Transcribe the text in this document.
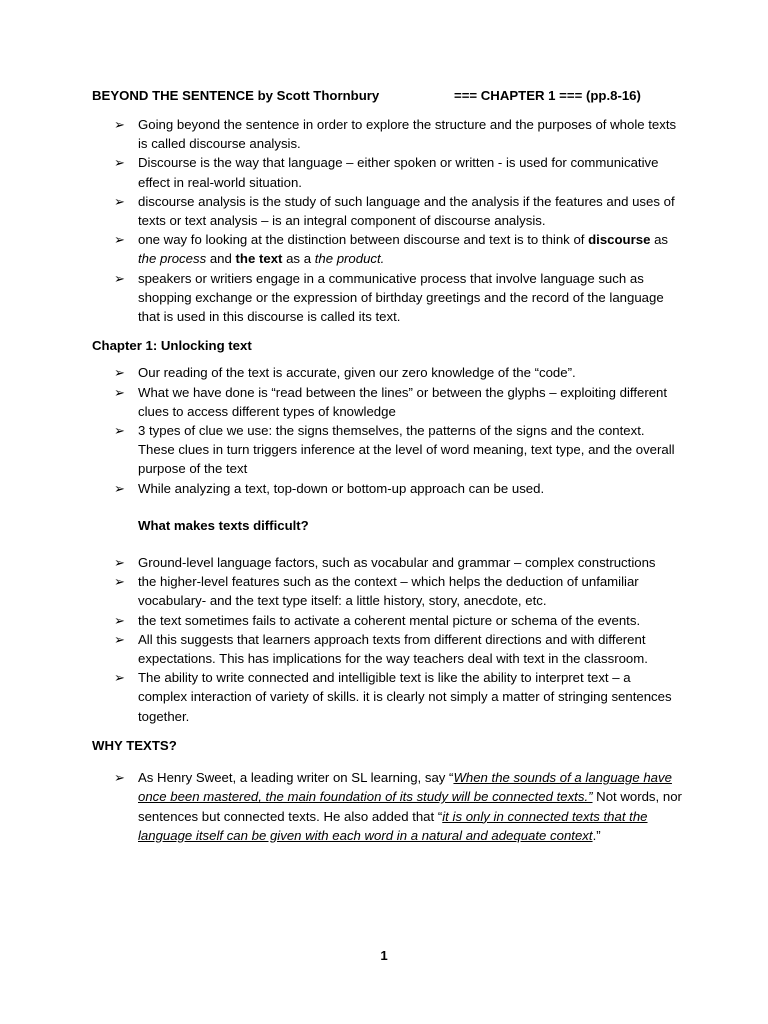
BEYOND THE SENTENCE by Scott Thornbury	=== CHAPTER 1 === (pp.8-16)
➢ Going beyond the sentence in order to explore the structure and the purposes of whole texts is called discourse analysis.
➢ Discourse is the way that language – either spoken or written - is used for communicative effect in real-world situation.
➢ discourse analysis is the study of such language and the analysis if the features and uses of texts or text analysis – is an integral component of discourse analysis.
➢ one way fo looking at the distinction between discourse and text is to think of discourse as the process and the text as a the product.
➢ speakers or writiers engage in a communicative process that involve language such as shopping exchange or the expression of birthday greetings and the record of the language that is used in this discourse is called its text.

Chapter 1: Unlocking text

➢ Our reading of the text is accurate, given our zero knowledge of the “code”.
➢ What we have done is “read between the lines” or between the glyphs – exploiting different clues to access different types of knowledge
➢ 3 types of clue we use: the signs themselves, the patterns of the signs and the context. These clues in turn triggers inference at the level of word meaning, text type, and the overall purpose of the text
➢ While analyzing a text, top-down or bottom-up approach can be used.

What makes texts difficult?

➢ Ground-level language factors, such as vocabular and grammar – complex constructions
➢ the higher-level features such as the context – which helps the deduction of unfamiliar vocabulary- and the text type itself: a little history, story, anecdote, etc.
➢ the text sometimes fails to activate a coherent mental picture or schema of the events.
➢ All this suggests that learners approach texts from different directions and with different expectations. This has implications for the way teachers deal with text in the classroom.
➢ The ability to write connected and intelligible text is like the ability to interpret text – a complex interaction of variety of skills. it is clearly not simply a matter of stringing sentences together.

WHY TEXTS?

➢ As Henry Sweet, a leading writer on SL learning, say “When the sounds of a language have once been mastered, the main foundation of its study will be connected texts.” Not words, nor sentences but connected texts. He also added that “it is only in connected texts that the language itself can be given with each word in a natural and adequate context.”
1
